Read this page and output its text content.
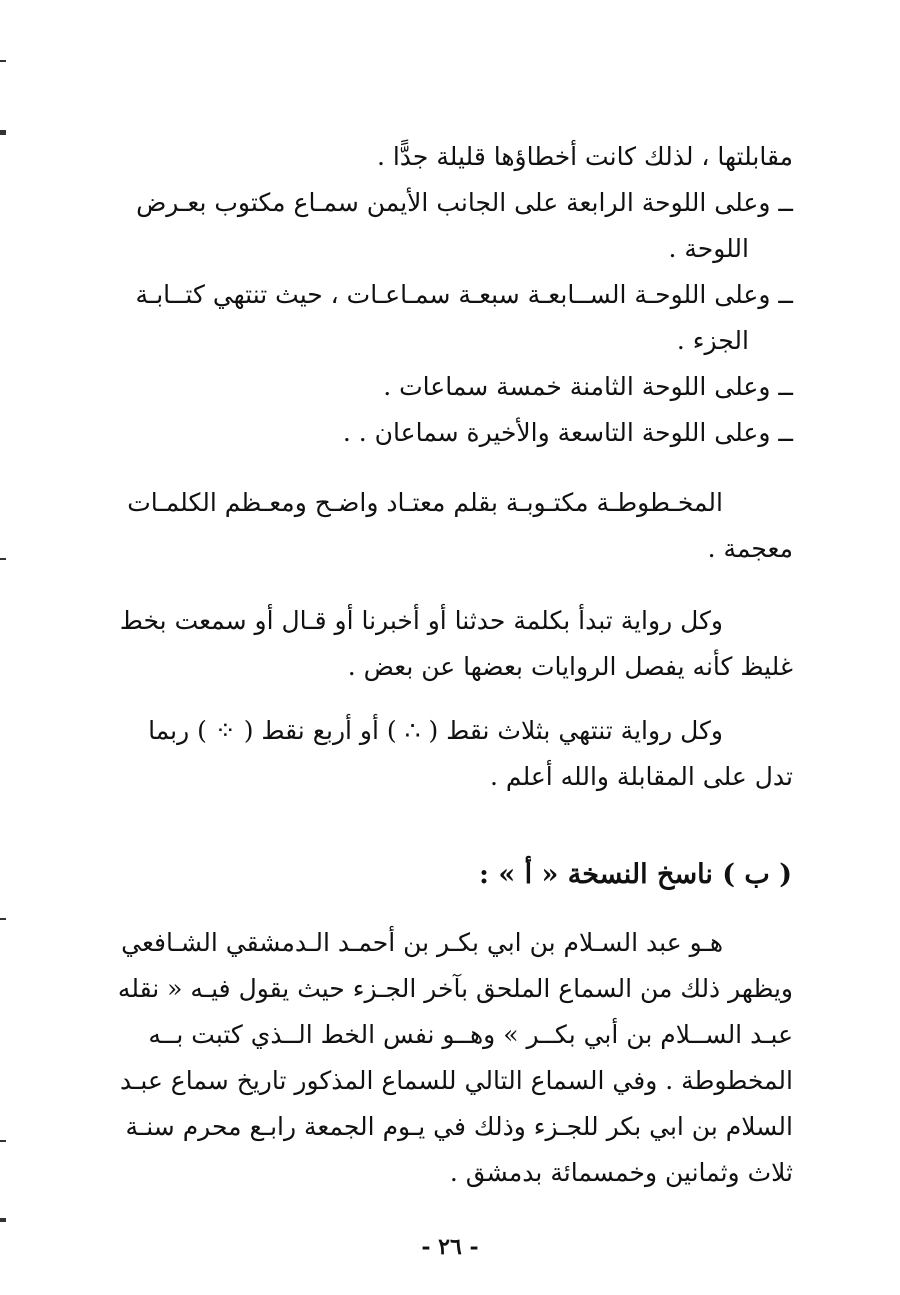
مقابلتها ، لذلك كانت أخطاؤها قليلة جدًّا .
ــ وعلى اللوحة الرابعة على الجانب الأيمن سمـاع مكتوب بعـرض
اللوحة .
ــ وعلى اللوحـة الســابعـة سبعـة سمـاعـات ، حيث تنتهي كتــابـة
الجزء .
ــ وعلى اللوحة الثامنة خمسة سماعات .
ــ وعلى اللوحة التاسعة والأخيرة سماعان . .
المخـطوطـة مكتـوبـة بقلم معتـاد واضـح ومعـظم الكلمـات
معجمة .
وكل رواية تبدأ بكلمة حدثنا أو أخبرنا أو قـال أو سمعت بخط
غليظ كأنه يفصل الروايات بعضها عن بعض .
وكل رواية تنتهي بثلاث نقط ( ∴ ) أو أربع نقط ( ⁘ ) ربما
تدل على المقابلة والله أعلم .
( ب ) ناسخ النسخة « أ » :
هـو عبد السـلام بن ابي بكـر بن أحمـد الـدمشقي الشـافعي
ويظهر ذلك من السماع الملحق بآخر الجـزء حيث يقول فيـه « نقله
عبـد الســلام بن أبي بكــر » وهــو نفس الخط الــذي كتبت بــه
المخطوطة . وفي السماع التالي للسماع المذكور تاريخ سماع عبـد
السلام بن ابي بكر للجـزء وذلك في يـوم الجمعة رابـع محرم سنـة
ثلاث وثمانين وخمسمائة بدمشق .
- ٢٦ -
